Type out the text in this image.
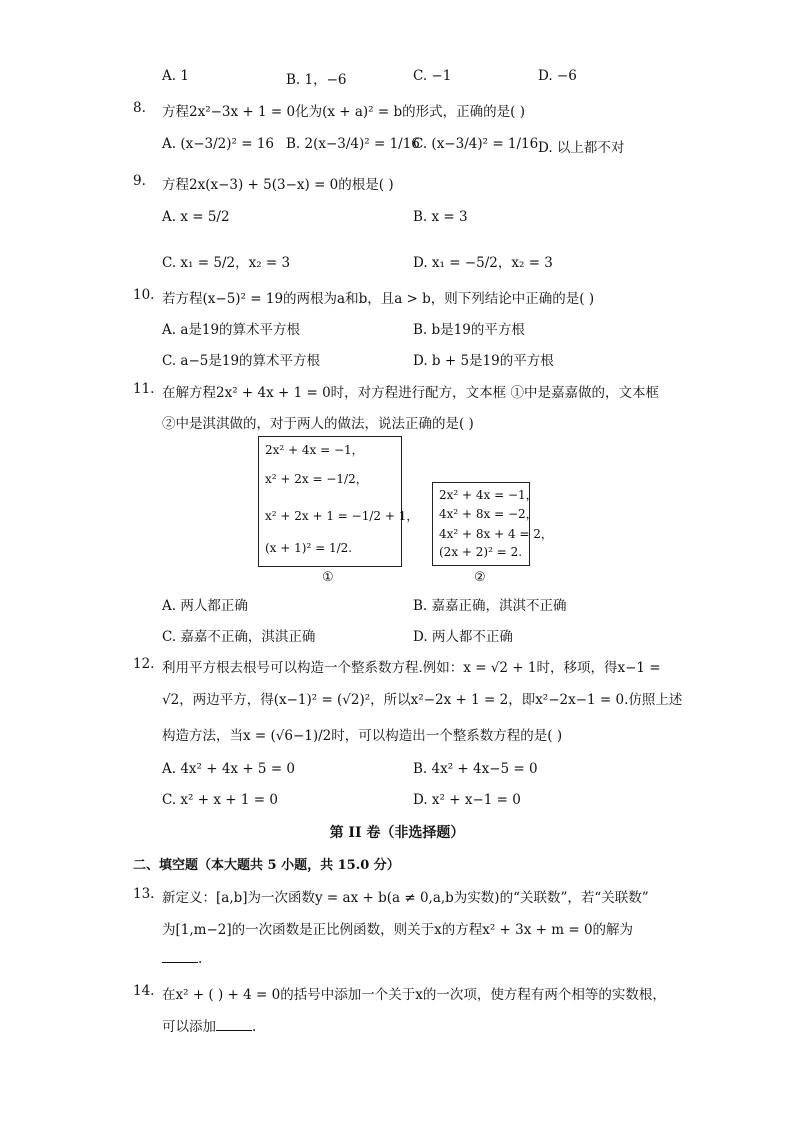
A. 1	B. 1，−6	C. −1	D. −6
8. 方程2x²−3x + 1 = 0化为(x + a)² = b的形式，正确的是( )
A. (x−3/2)² = 16 B. 2(x−3/4)² = 1/16
C. (x−3/4)² = 1/16 D. 以上都不对
9. 方程2x(x−3) + 5(3−x) = 0的根是( )
A. x = 5/2	B. x = 3
C. x₁ = 5/2，x₂ = 3	D. x₁ = −5/2，x₂ = 3
10. 若方程(x−5)² = 19的两根为a和b，且a > b，则下列结论中正确的是( )
A. a是19的算术平方根	B. b是19的平方根
C. a−5是19的算术平方根	D. b + 5是19的平方根
11. 在解方程2x² + 4x + 1 = 0时，对方程进行配方，文本框 ①中是嘉嘉做的，文本框
②中是淇淇做的，对于两人的做法，说法正确的是( )
2x² + 4x = −1，
x² + 2x = −1/2，
x² + 2x + 1 = −1/2 + 1，
(x + 1)² = 1/2.
①
2x² + 4x = −1，
4x² + 8x = −2，
4x² + 8x + 4 = 2，
(2x + 2)² = 2.
②
A. 两人都正确	B. 嘉嘉正确，淇淇不正确
C. 嘉嘉不正确，淇淇正确	D. 两人都不正确
12. 利用平方根去根号可以构造一个整系数方程.例如：x = √2 + 1时，移项，得x−1 =
√2，两边平方，得(x−1)² = (√2)²，所以x²−2x + 1 = 2，即x²−2x−1 = 0.仿照上述
构造方法，当x = (√6−1)/2时，可以构造出一个整系数方程的是( )
A. 4x² + 4x + 5 = 0	B. 4x² + 4x−5 = 0
C. x² + x + 1 = 0	D. x² + x−1 = 0
第 II 卷（非选择题）
二、填空题（本大题共 5 小题，共 15.0 分）
13. 新定义：[a,b]为一次函数y = ax + b(a ≠ 0,a,b为实数)的“关联数”，若“关联数”
为[1,m−2]的一次函数是正比例函数，则关于x的方程x² + 3x + m = 0的解为
.
14. 在x² + ( ) + 4 = 0的括号中添加一个关于x的一次项，使方程有两个相等的实数根，
可以添加	.
